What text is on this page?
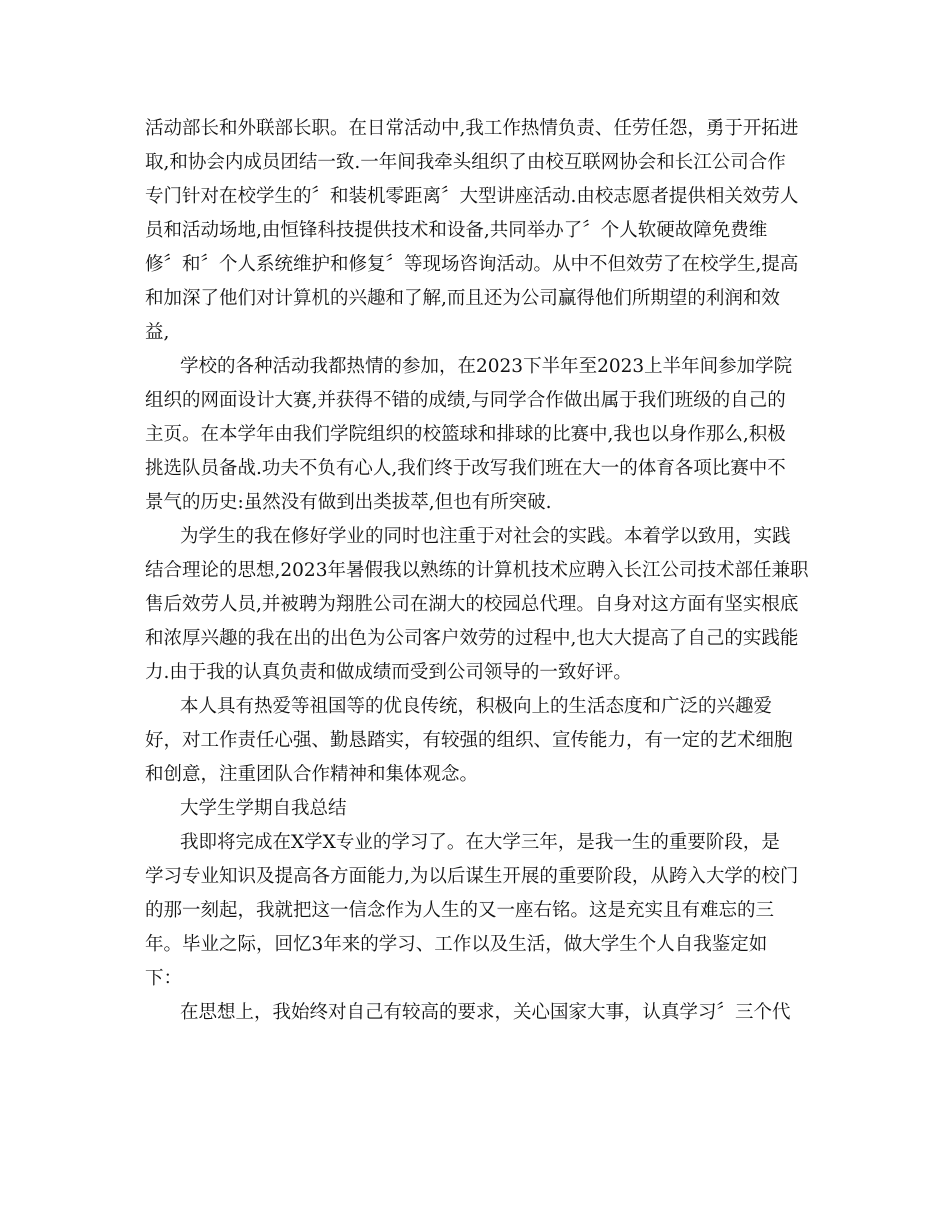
活动部长和外联部长职。在日常活动中,我工作热情负责、任劳任怨，勇于开拓进

取,和协会内成员团结一致.一年间我牵头组织了由校互联网协会和长江公司合作

专门针对在校学生的〞和装机零距离〞大型讲座活动.由校志愿者提供相关效劳人

员和活动场地,由恒锋科技提供技术和设备,共同举办了〞个人软硬故障免费维

修〞和〞个人系统维护和修复〞等现场咨询活动。从中不但效劳了在校学生,提高

和加深了他们对计算机的兴趣和了解,而且还为公司赢得他们所期望的利润和效

益,

学校的各种活动我都热情的参加，在2023下半年至2023上半年间参加学院

组织的网面设计大赛,并获得不错的成绩,与同学合作做出属于我们班级的自己的

主页。在本学年由我们学院组织的校篮球和排球的比赛中,我也以身作那么,积极

挑选队员备战.功夫不负有心人,我们终于改写我们班在大一的体育各项比赛中不

景气的历史:虽然没有做到出类拔萃,但也有所突破.

为学生的我在修好学业的同时也注重于对社会的实践。本着学以致用，实践

结合理论的思想,2023年暑假我以熟练的计算机技术应聘入长江公司技术部任兼职

售后效劳人员,并被聘为翔胜公司在湖大的校园总代理。自身对这方面有坚实根底

和浓厚兴趣的我在出的出色为公司客户效劳的过程中,也大大提高了自己的实践能

力.由于我的认真负责和做成绩而受到公司领导的一致好评。

本人具有热爱等祖国等的优良传统，积极向上的生活态度和广泛的兴趣爱

好，对工作责任心强、勤恳踏实，有较强的组织、宣传能力，有一定的艺术细胞

和创意，注重团队合作精神和集体观念。

大学生学期自我总结

我即将完成在X学X专业的学习了。在大学三年，是我一生的重要阶段，是

学习专业知识及提高各方面能力,为以后谋生开展的重要阶段，从跨入大学的校门

的那一刻起，我就把这一信念作为人生的又一座右铭。这是充实且有难忘的三

年。毕业之际，回忆3年来的学习、工作以及生活，做大学生个人自我鉴定如

下：

在思想上，我始终对自己有较高的要求，关心国家大事，认真学习〞三个代
